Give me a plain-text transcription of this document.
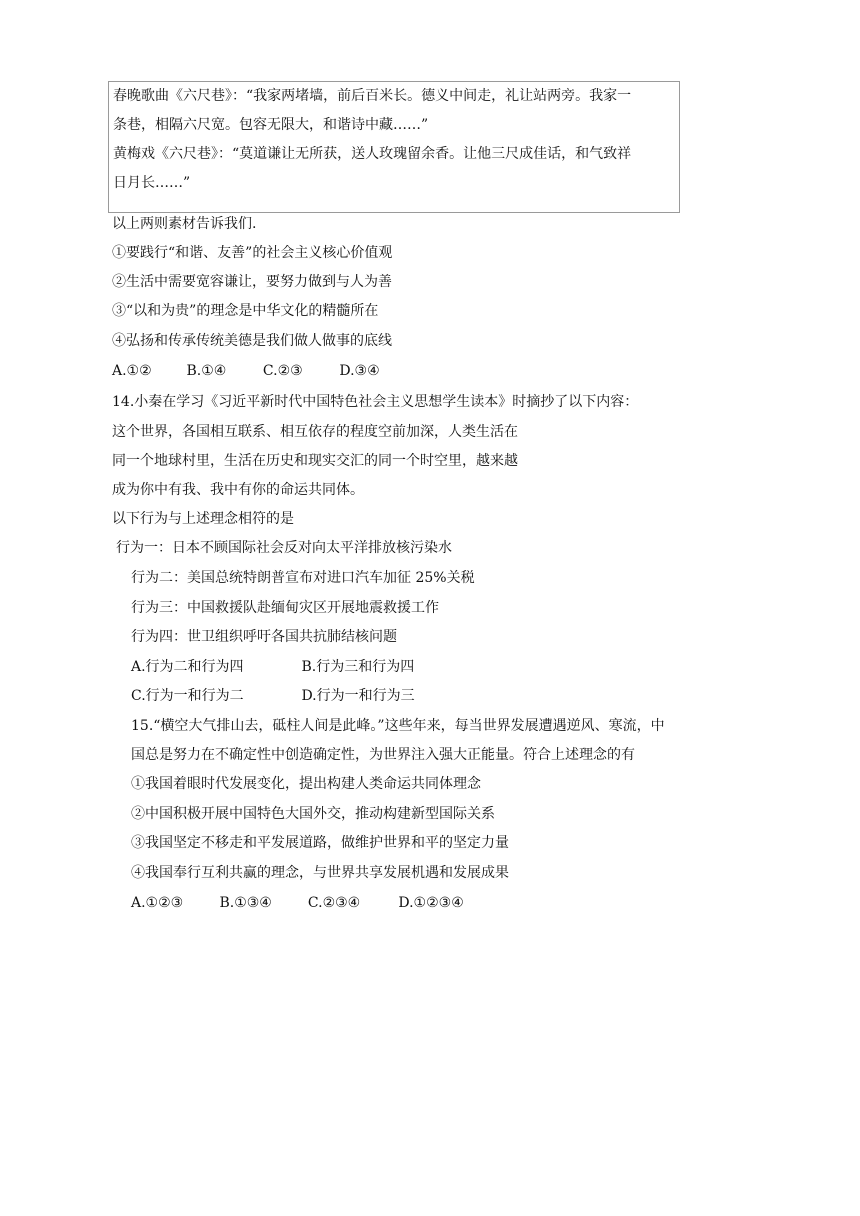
春晚歌曲《六尺巷》：“我家两堵墙，前后百米长。德义中间走，礼让站两旁。我家一
条巷，相隔六尺宽。包容无限大，和谐诗中藏……”
黄梅戏《六尺巷》：“莫道谦让无所获，送人玫瑰留余香。让他三尺成佳话，和气致祥
日月长……”
以上两则素材告诉我们.
①要践行“和谐、友善”的社会主义核心价值观
②生活中需要宽容谦让，要努力做到与人为善
③“以和为贵”的理念是中华文化的精髓所在
④弘扬和传承传统美德是我们做人做事的底线
A.①② B.①④	C.②③	D.③④
14.小秦在学习《习近平新时代中国特色社会主义思想学生读本》时摘抄了以下内容：
这个世界，各国相互联系、相互依存的程度空前加深，人类生活在
同一个地球村里，生活在历史和现实交汇的同一个时空里，越来越
成为你中有我、我中有你的命运共同体。
以下行为与上述理念相符的是
行为一：日本不顾国际社会反对向太平洋排放核污染水
行为二：美国总统特朗普宣布对进口汽车加征 25%关税
行为三：中国救援队赴缅甸灾区开展地震救援工作
行为四：世卫组织呼吁各国共抗肺结核问题
A.行为二和行为四	B.行为三和行为四
C.行为一和行为二	D.行为一和行为三
15.“横空大气排山去，砥柱人间是此峰。”这些年来，每当世界发展遭遇逆风、寒流，中
国总是努力在不确定性中创造确定性，为世界注入强大正能量。符合上述理念的有
①我国着眼时代发展变化，提出构建人类命运共同体理念
②中国积极开展中国特色大国外交，推动构建新型国际关系
③我国坚定不移走和平发展道路，做维护世界和平的坚定力量
④我国奉行互利共赢的理念，与世界共享发展机遇和发展成果
A.①②③	B.①③④	C.②③④	D.①②③④
